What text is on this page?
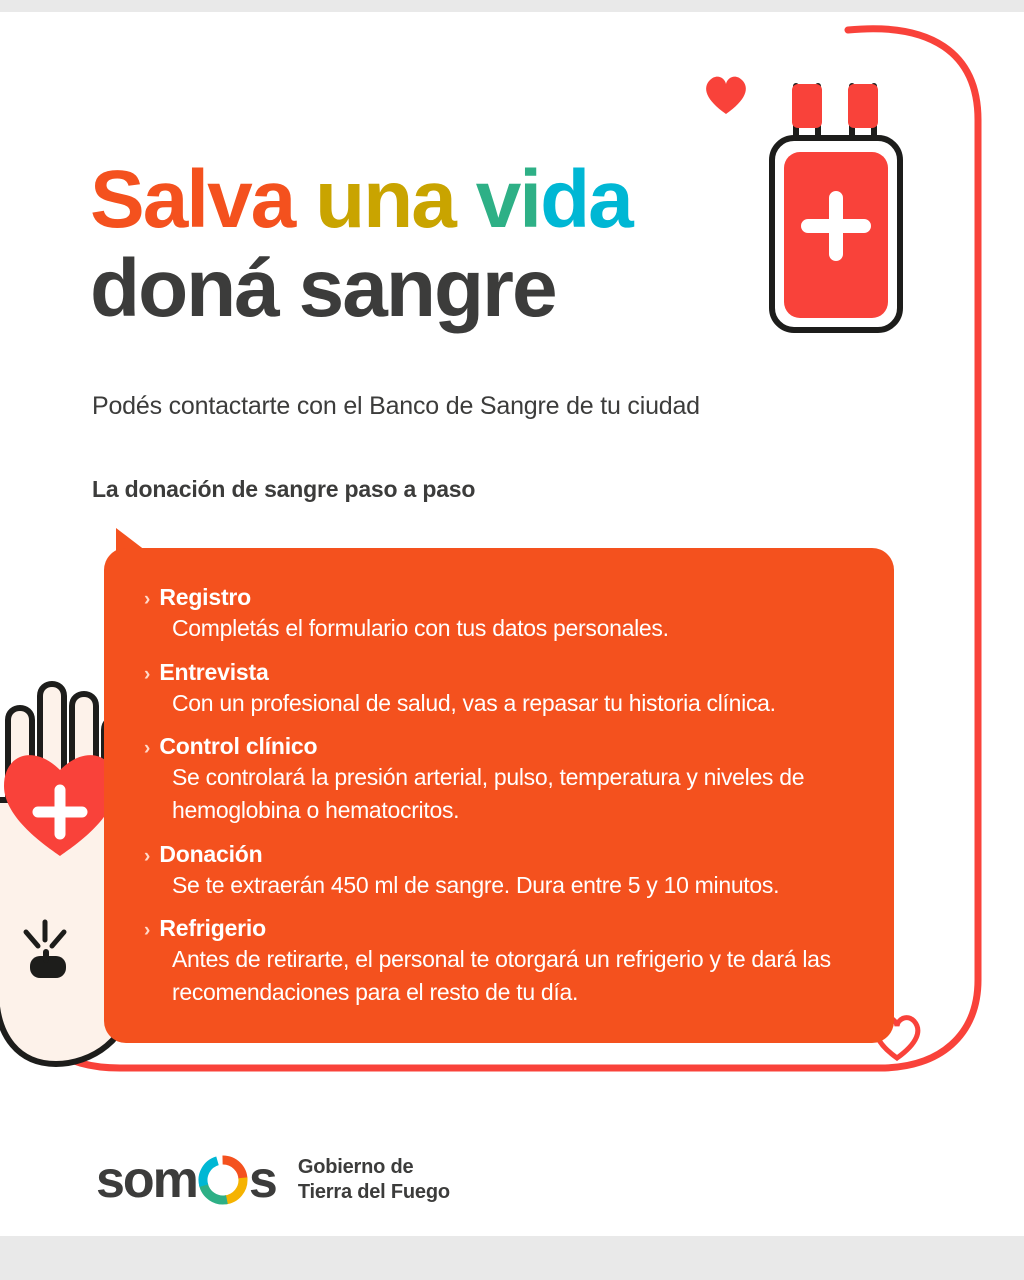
Salva una vida
doná sangre
Podés contactarte con el Banco de Sangre de tu ciudad
La donación de sangre paso a paso
› Registro
Completás el formulario con tus datos personales.
› Entrevista
Con un profesional de salud, vas a repasar tu historia clínica.
› Control clínico
Se controlará la presión arterial, pulso, temperatura y niveles de hemoglobina o hematocritos.
› Donación
Se te extraerán 450 ml de sangre. Dura entre 5 y 10 minutos.
› Refrigerio
Antes de retirarte, el personal te otorgará un refrigerio y te dará las recomendaciones para el resto de tu día.
som s Gobierno de
Tierra del Fuego
